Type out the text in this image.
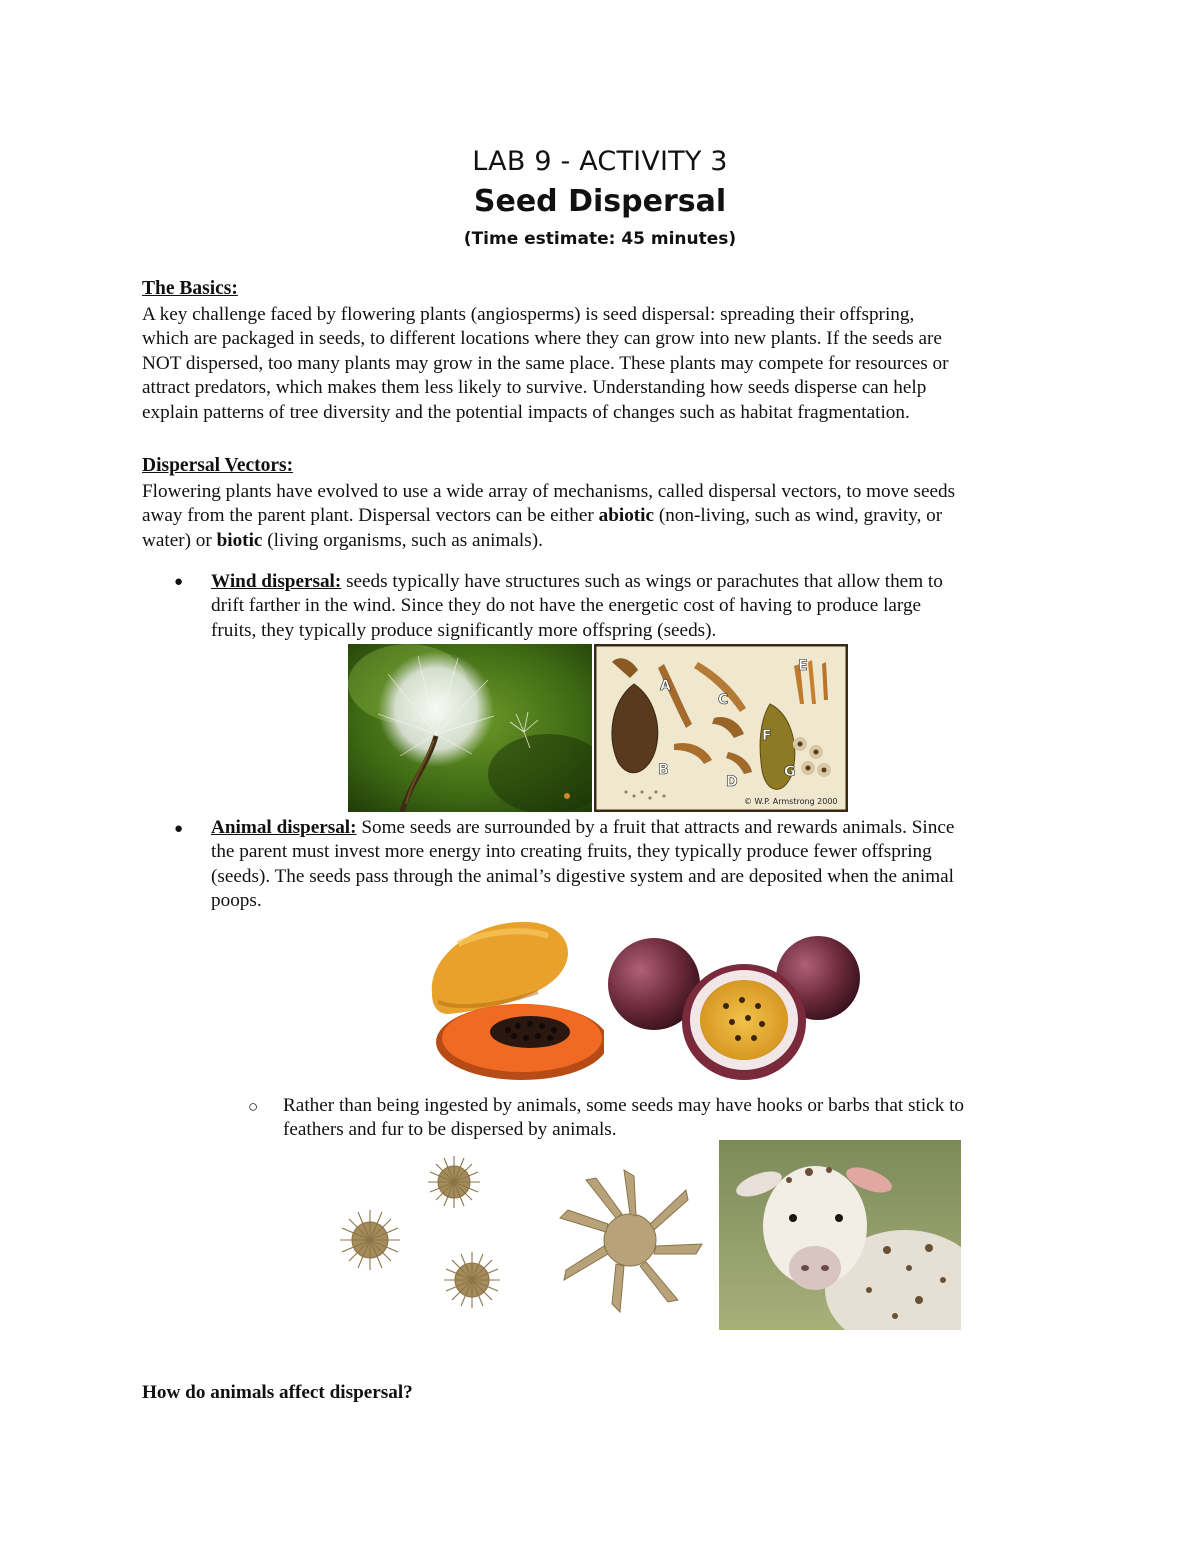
LAB 9 - ACTIVITY 3
Seed Dispersal
(Time estimate: 45 minutes)
The Basics:
A key challenge faced by flowering plants (angiosperms) is seed dispersal: spreading their offspring,
which are packaged in seeds, to different locations where they can grow into new plants. If the seeds are
NOT dispersed, too many plants may grow in the same place. These plants may compete for resources or
attract predators, which makes them less likely to survive. Understanding how seeds disperse can help
explain patterns of tree diversity and the potential impacts of changes such as habitat fragmentation.
Dispersal Vectors:
Flowering plants have evolved to use a wide array of mechanisms, called dispersal vectors, to move seeds
away from the parent plant. Dispersal vectors can be either abiotic (non-living, such as wind, gravity, or
water) or biotic (living organisms, such as animals).
● Wind dispersal: seeds typically have structures such as wings or parachutes that allow them to
drift farther in the wind. Since they do not have the energetic cost of having to produce large
fruits, they typically produce significantly more offspring (seeds).
A
B
C
D
E
F
G
© W.P. Armstrong 2000
● Animal dispersal: Some seeds are surrounded by a fruit that attracts and rewards animals. Since
the parent must invest more energy into creating fruits, they typically produce fewer offspring
(seeds). The seeds pass through the animal’s digestive system and are deposited when the animal
poops.
○ Rather than being ingested by animals, some seeds may have hooks or barbs that stick to
feathers and fur to be dispersed by animals.
How do animals affect dispersal?
